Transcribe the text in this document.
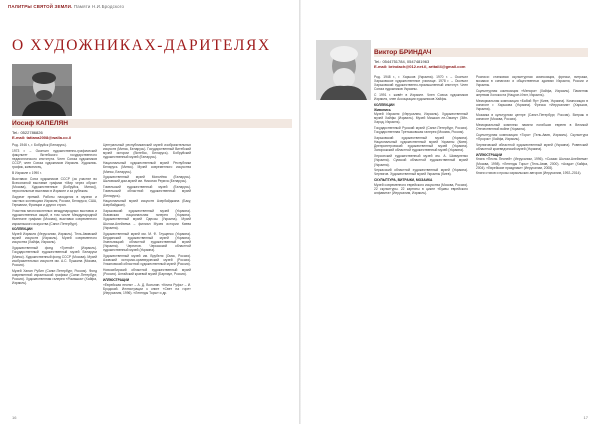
ПАЛИТРЫ СВЯТОЙ ЗЕМЛИ. Памяти Н.И.Бродского
О ХУДОЖНИКАХ-ДАРИТЕЛЯХ
Иосиф КАПЕЛЯН
Tel.: 0522786826
E-mail: tatiana2008@walla.co.il
Род. 1946 г., г. Бобруйск (Беларусь).
1973 г. – Окончил художественно-графический факультет Витебского государственного педагогического института. Член Союза художников СССР, член Союза художников Израиля. Художник-график, живописец.
В Израиле с 1990 г.
Выставки: Союз художников СССР (за участие во Всесоюзной выставке графики «Мир через образ» (Москва), Художественные (Бобруйск, Минск)), персональные выставки в Израиле и за рубежом.
Лауреат премий. Работы находятся в музеях и частных коллекциях Израиля, России, Беларуси, США, Германии, Франции и других стран.
Участник многочисленных международных выставок и художественных акций, в том числе Международной бьеннале графики (Москва), выставки современного израильского искусства (Санкт-Петербург).
КОЛЛЕКЦИИ
Музей Израиля (Иерусалим, Израиль). Тель-Авивский музей искусств (Израиль). Музей современного искусства (Хайфа, Израиль).
Художественный фонд «Третий» (Израиль). Государственный художественный музей Беларуси (Минск). Художественный фонд СССР (Москва). Музей изобразительных искусств им. А.С. Пушкина (Москва, Россия).
Музей Ханан Рубин (Санкт-Петербург, Россия). Фонд современной израильской графики (Санкт-Петербург, Россия). Художественная галерея «Ромашка» (Хайфа, Израиль).
Центральный республиканский музей изобразительных искусств (Минск, Беларусь). Государственный Витебский музей истории (Витебск, Беларусь). Бобруйский художественный музей (Беларусь).
Национальный художественный музей Республики Беларусь (Минск). Музей современного искусства (Минск, Беларусь).
Художественный музей Могилёва (Беларусь). Шкловский дом-музей им. Николая Рериха (Беларусь).
Гомельский художественный музей (Беларусь). Гомельский областной художественный музей (Беларусь).
Национальный музей искусств Азербайджана (Баку, Азербайджан).
Харьковский художественный музей (Украина). Львовская национальная галерея (Украина). Художественный музей Одессы (Украина). Музей Шолом-Алейхема – филиал Музея истории Киева (Украина).
Художественный музей им. М. Ф. Глущенко (Украина). Бердянский художественный музей (Украина). Хмельницкий областной художественный музей (Украина). Чернигов. Черкасский областной художественный музей (Украина).
Художественный музей им. Врубеля (Омск, Россия). Азовский историко-краеведческий музей (Россия). Ульяновский областной художественный музей (Россия).
Новосибирский областной художественный музей (Россия). Алтайский краевой музей (Барнаул, Россия).
ИЛЛЮСТРАЦИИ
«Еврейская песня» – А. Д. Вольпин. «Книга Руфь» – И. Бродский. Иллюстрации к книге «Свет на горе» (Иерусалим, 1996). «Легенды Торы» и др.
Виктор БРИНДАЧ
Tel.: 0544751784, 0547481963
E-mail: brindach@012.net.il, arttail4@gmail.com
Род. 1948 г., г. Харьков (Украина). 1970 г. – Окончил Харьковское художественное училище. 1978 г. – Окончил Харьковский художественно-промышленный институт. Член Союза художников Украины.
С 1991 г. живёт в Израиле. Член Союза художников Израиля, член Ассоциации художников Хайфы.
КОЛЛЕКЦИИ
Живопись
Музей Израиля (Иерусалим, Израиль). Художественный музей Хайфы (Израиль). Музей Мишкан ле-Оманут (Эйн-Харод, Израиль).
Государственный Русский музей (Санкт-Петербург, Россия). Государственная Третьяковская галерея (Москва, Россия).
Харьковский художественный музей (Украина). Национальный художественный музей Украины (Киев). Днепропетровский художественный музей (Украина). Запорожский областной художественный музей (Украина).
Херсонский художественный музей им. А. Шовкуненко (Украина). Сумской областной художественный музей (Украина).
Черкасский областной художественный музей (Украина). Чернигов. Художественный музей Украины (Киев).
СКУЛЬПТУРА, ВИТРАЖИ, МОЗАИКА
Музей современного еврейского искусства (Москва, Россия). 22 скульптуры. 22 картины в цикле «Буквы еврейского алфавита» (Иерусалим, Израиль).
Росписи: станковая скульптурная композиция, фрески, витражи, мозаики в синагогах и общественных зданиях Израиля, России и Украины.
Скульптурная композиция «Менора» (Хайфа, Израиль). Памятник жертвам Холокоста (Нацрат-Илит, Израиль).
Мемориальная композиция «Бабий Яр» (Киев, Украина). Композиция в синагоге г. Харькова (Украина). Фреска «Иерусалим» (Харьков, Украина).
Мозаика в культурном центре (Санкт-Петербург, Россия). Витраж в синагоге (Москва, Россия).
Мемориальный комплекс памяти погибших евреев в Великой Отечественной войне (Украина).
Скульптурная композиция «Тора» (Тель-Авив, Израиль). Скульптура «Пророк» (Хайфа, Израиль).
Черниговский областной художественный музей (Украина). Ровенский областной краеведческий музей (Украина).
ИЛЛЮСТРАЦИИ
Книга «Песнь Песней» (Иерусалим, 1996). «Сказки Шолом-Алейхема» (Москва, 1998). «Легенды Торы» (Тель-Авив, 2000). «Агада» (Хайфа, 2004). «Еврейские праздники» (Иерусалим, 2008).
Книги стихов и прозы израильских авторов (Иерусалим, 1992–2014).
16	17
